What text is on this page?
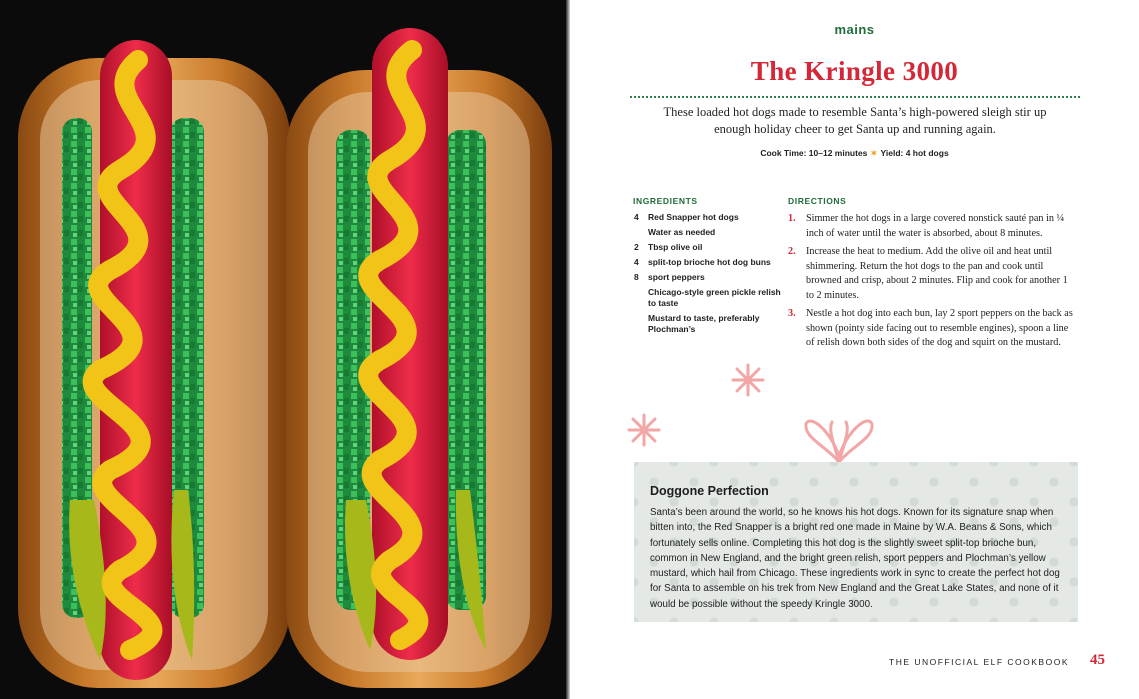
mains
The Kringle 3000
These loaded hot dogs made to resemble Santa’s high-powered sleigh stir up enough holiday cheer to get Santa up and running again.
Cook Time: 10–12 minutes ✶ Yield: 4 hot dogs
INGREDIENTS
4	Red Snapper hot dogs
Water as needed
2	Tbsp olive oil
4	split-top brioche hot dog buns
8	sport peppers
Chicago-style green pickle relish to taste
Mustard to taste, preferably Plochman’s
DIRECTIONS
1.	Simmer the hot dogs in a large covered nonstick sauté pan in ¼ inch of water until the water is absorbed, about 8 minutes.
2.	Increase the heat to medium. Add the olive oil and heat until shimmering. Return the hot dogs to the pan and cook until browned and crisp, about 2 minutes. Flip and cook for another 1 to 2 minutes.
3.	Nestle a hot dog into each bun, lay 2 sport peppers on the back as shown (pointy side facing out to resemble engines), spoon a line of relish down both sides of the dog and squirt on the mustard.
Doggone Perfection
Santa’s been around the world, so he knows his hot dogs. Known for its signature snap when bitten into, the Red Snapper is a bright red one made in Maine by W.A. Beans & Sons, which fortunately sells online. Completing this hot dog is the slightly sweet split-top brioche bun, common in New England, and the bright green relish, sport peppers and Plochman’s yellow mustard, which hail from Chicago. These ingredients work in sync to create the perfect hot dog for Santa to assemble on his trek from New England and the Great Lake States, and none of it would be possible without the speedy Kringle 3000.
THE UNOFFICIAL ELF COOKBOOK 45
